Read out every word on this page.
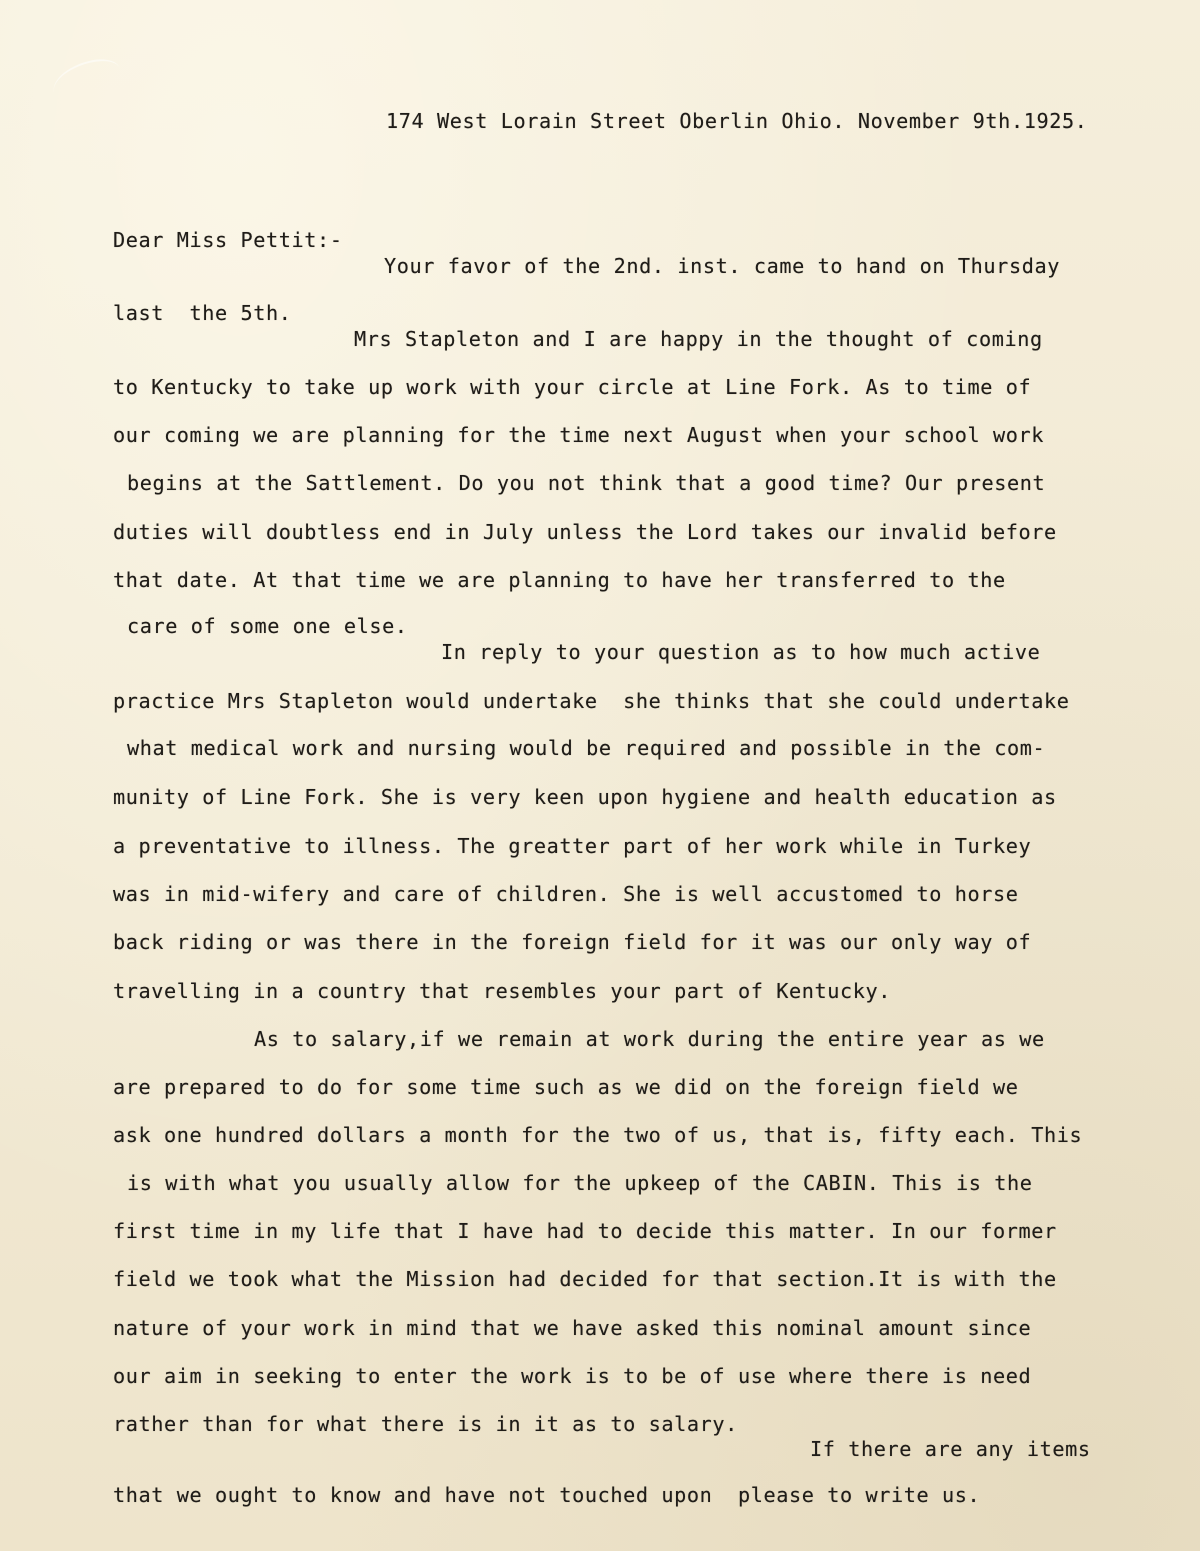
174 West Lorain Street Oberlin Ohio. November 9th.1925.
Dear Miss Pettit:-
Your favor of the 2nd. inst. came to hand on Thursday
last  the 5th.
Mrs Stapleton and I are happy in the thought of coming
to Kentucky to take up work with your circle at Line Fork. As to time of
our coming we are planning for the time next August when your school work
begins at the Sattlement. Do you not think that a good time? Our present
duties will doubtless end in July unless the Lord takes our invalid before
that date. At that time we are planning to have her transferred to the
care of some one else.
In reply to your question as to how much active
practice Mrs Stapleton would undertake  she thinks that she could undertake
what medical work and nursing would be required and possible in the com-
munity of Line Fork. She is very keen upon hygiene and health education as
a preventative to illness. The greatter part of her work while in Turkey
was in mid-wifery and care of children. She is well accustomed to horse
back riding or was there in the foreign field for it was our only way of
travelling in a country that resembles your part of Kentucky.
As to salary,if we remain at work during the entire year as we
are prepared to do for some time such as we did on the foreign field we
ask one hundred dollars a month for the two of us, that is, fifty each. This
is with what you usually allow for the upkeep of the CABIN. This is the
first time in my life that I have had to decide this matter. In our former
field we took what the Mission had decided for that section.It is with the
nature of your work in mind that we have asked this nominal amount since
our aim in seeking to enter the work is to be of use where there is need
rather than for what there is in it as to salary.
If there are any items
that we ought to know and have not touched upon  please to write us.
